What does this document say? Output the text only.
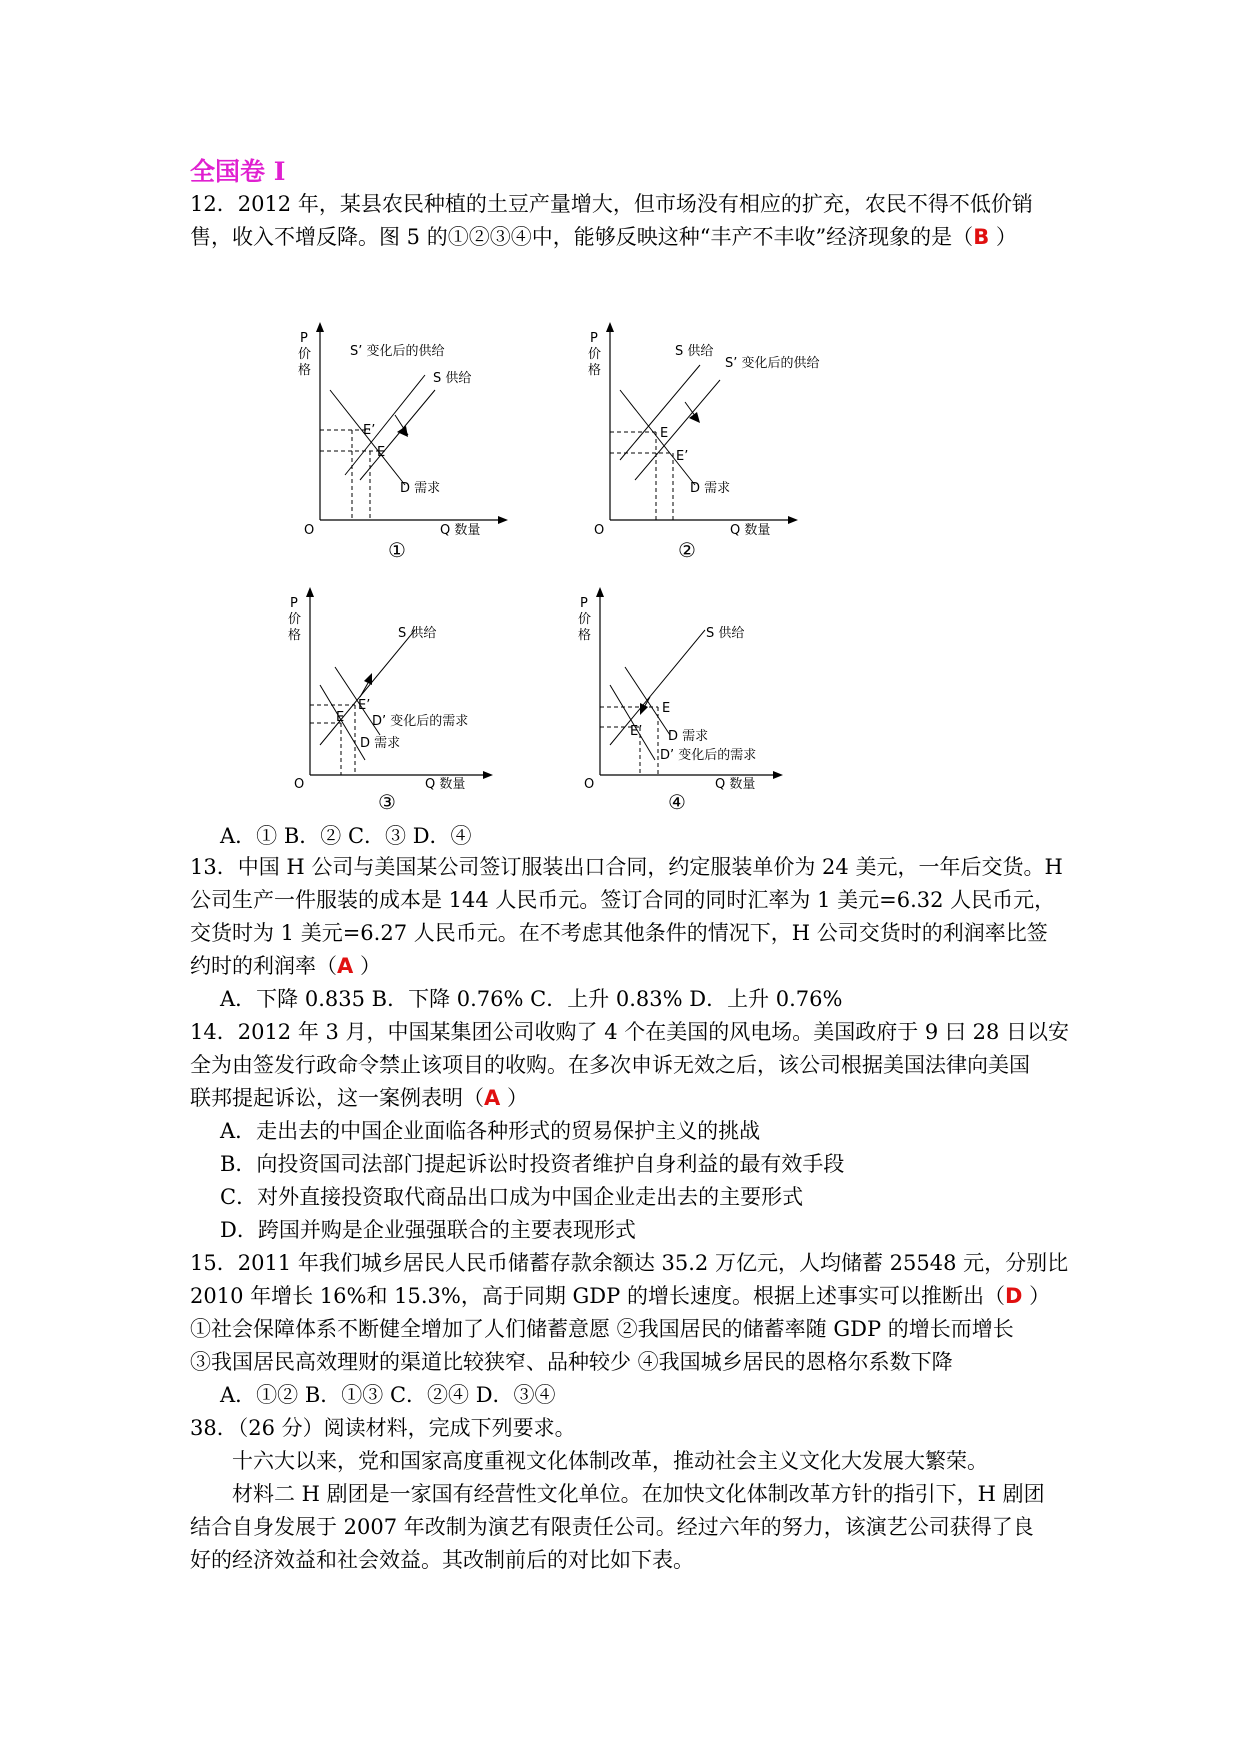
全国卷 I
12．2012 年，某县农民种植的土豆产量增大，但市场没有相应的扩充，农民不得不低价销
售，收入不增反降。图 5 的①②③④中，能够反映这种“丰产不丰收”经济现象的是（B ）
P
价
格
O	Q 数量
E’
E
S’ 变化后的供给
S 供给
D 需求
①
P
价
格
O	Q 数量
E
E’
S 供给
S’ 变化后的供给
D 需求
②
P
价
格
O	Q 数量
E
E’
S 供给
D’ 变化后的需求
D 需求
③
P
价
格
O	Q 数量
E
E’
S 供给
D 需求
D’ 变化后的需求
④
A．① B．② C．③ D．④
13．中国 H 公司与美国某公司签订服装出口合同，约定服装单价为 24 美元，一年后交货。H
公司生产一件服装的成本是 144 人民币元。签订合同的同时汇率为 1 美元=6.32 人民币元，
交货时为 1 美元=6.27 人民币元。在不考虑其他条件的情况下，H 公司交货时的利润率比签
约时的利润率（A ）
A．下降 0.835 B．下降 0.76% C．上升 0.83% D．上升 0.76%
14．2012 年 3 月，中国某集团公司收购了 4 个在美国的风电场。美国政府于 9 曰 28 日以安
全为由签发行政命令禁止该项目的收购。在多次申诉无效之后，该公司根据美国法律向美国
联邦提起诉讼，这一案例表明（A ）
A．走出去的中国企业面临各种形式的贸易保护主义的挑战
B．向投资国司法部门提起诉讼时投资者维护自身利益的最有效手段
C．对外直接投资取代商品出口成为中国企业走出去的主要形式
D．跨国并购是企业强强联合的主要表现形式
15．2011 年我们城乡居民人民币储蓄存款余额达 35.2 万亿元，人均储蓄 25548 元，分别比
2010 年增长 16%和 15.3%，高于同期 GDP 的增长速度。根据上述事实可以推断出（D ）
①社会保障体系不断健全增加了人们储蓄意愿 ②我国居民的储蓄率随 GDP 的增长而增长
③我国居民高效理财的渠道比较狭窄、品种较少 ④我国城乡居民的恩格尔系数下降
A．①② B．①③ C．②④ D．③④
38．（26 分）阅读材料，完成下列要求。
十六大以来，党和国家高度重视文化体制改革，推动社会主义文化大发展大繁荣。
材料二 H 剧团是一家国有经营性文化单位。在加快文化体制改革方针的指引下，H 剧团
结合自身发展于 2007 年改制为演艺有限责任公司。经过六年的努力，该演艺公司获得了良
好的经济效益和社会效益。其改制前后的对比如下表。
